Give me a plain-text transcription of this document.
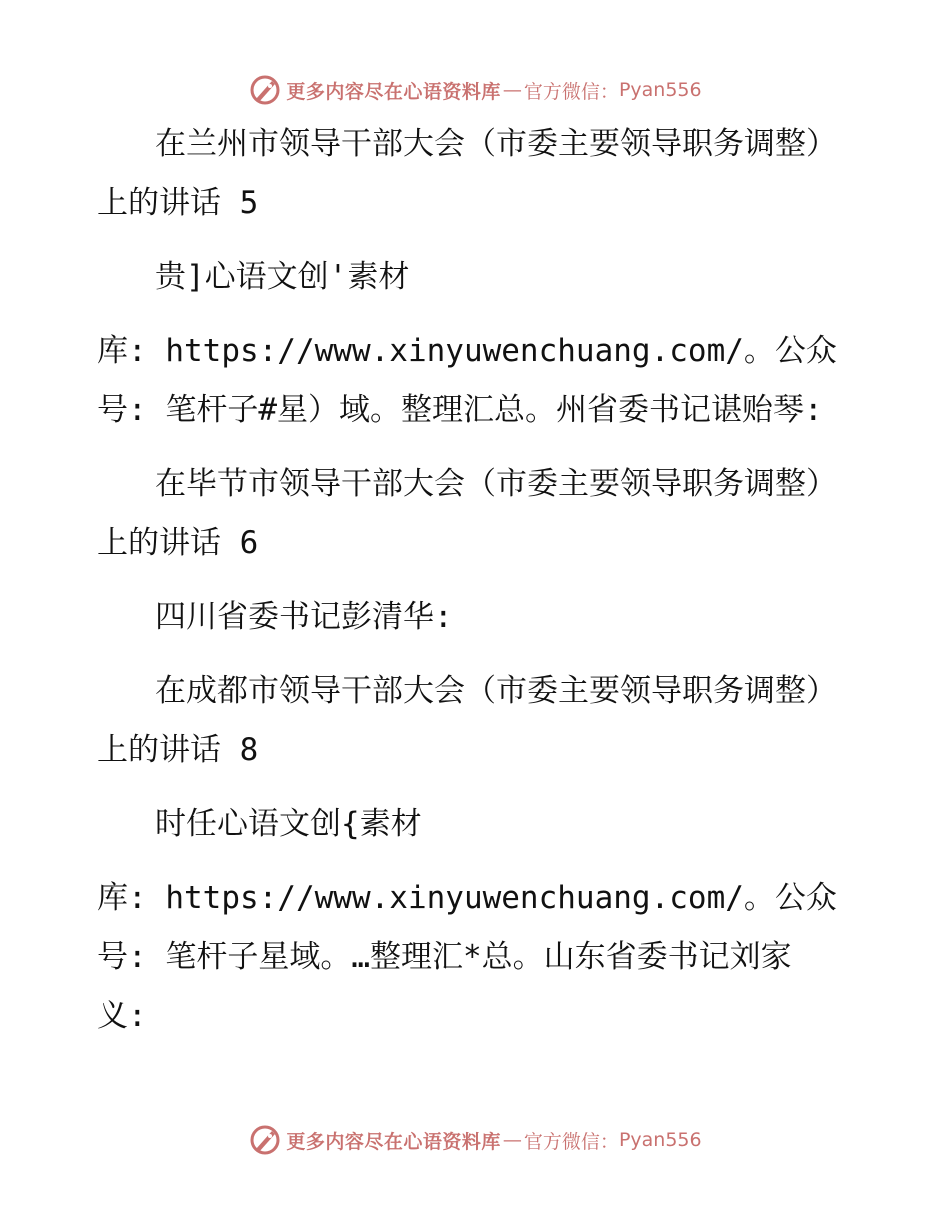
更多内容尽在心语资料库 — 官方微信： Pyan556

在兰州市领导干部大会（市委主要领导职务调整）上的讲话 5

贵]心语文创'素材

库: https://www.xinyuwenchuang.com/。公众号: 笔杆子#星）域。整理汇总。州省委书记谌贻琴:

在毕节市领导干部大会（市委主要领导职务调整）上的讲话 6

四川省委书记彭清华:

在成都市领导干部大会（市委主要领导职务调整）上的讲话 8

时任心语文创{素材

库: https://www.xinyuwenchuang.com/。公众号: 笔杆子星域。…整理汇*总。山东省委书记刘家义:

更多内容尽在心语资料库 — 官方微信： Pyan556
